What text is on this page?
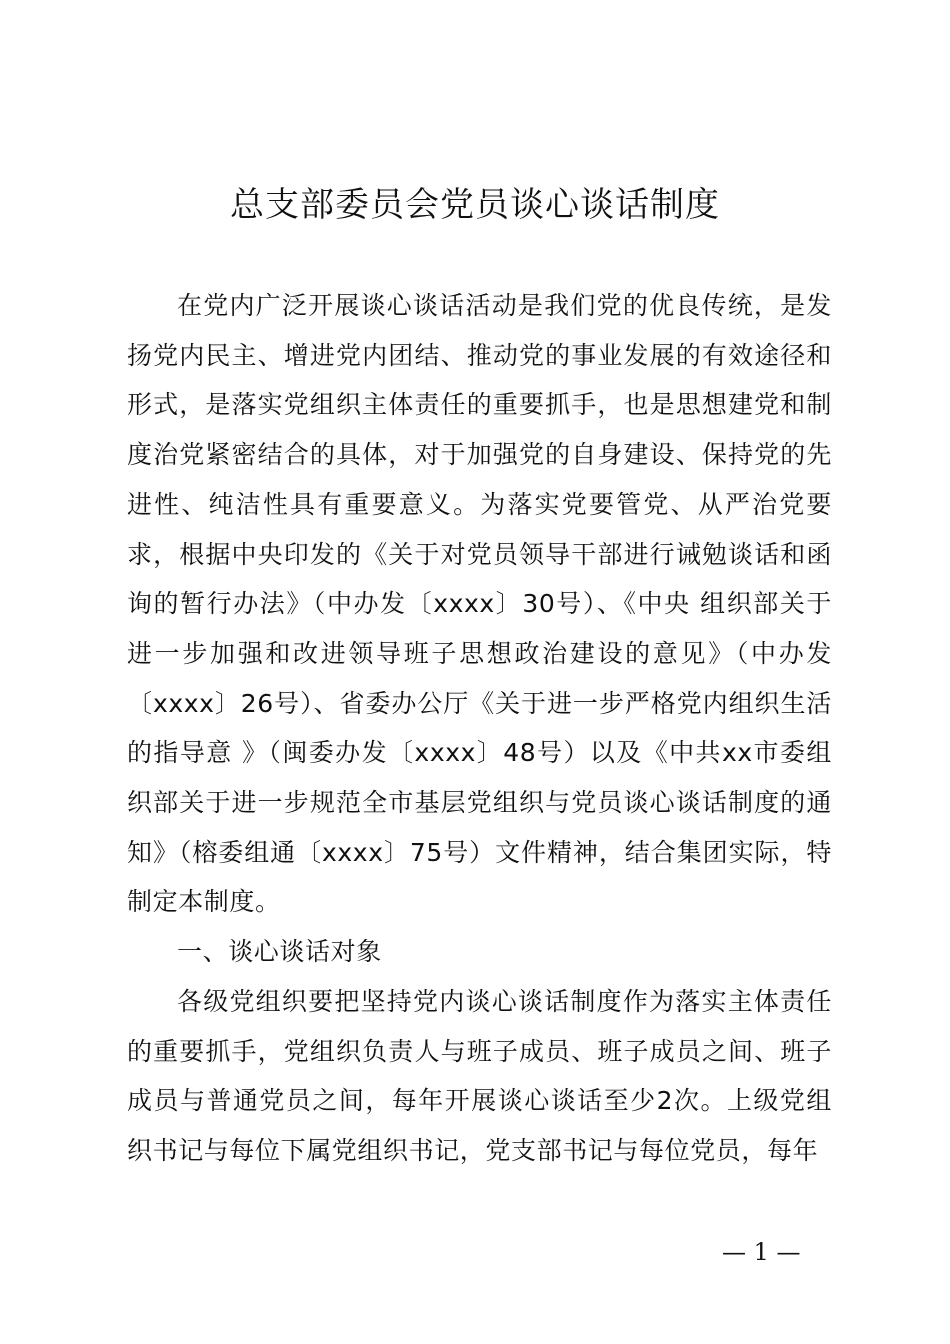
总支部委员会党员谈心谈话制度

在党内广泛开展谈心谈话活动是我们党的优良传统，是发扬党内民主、增进党内团结、推动党的事业发展的有效途径和形式，是落实党组织主体责任的重要抓手，也是思想建党和制度治党紧密结合的具体，对于加强党的自身建设、保持党的先进性、纯洁性具有重要意义。为落实党要管党、从严治党要求，根据中央印发的《关于对党员领导干部进行诫勉谈话和函询的暂行办法》（中办发〔xxxx〕30号）、《中央 组织部关于进一步加强和改进领导班子思想政治建设的意见》（中办发〔xxxx〕26号）、省委办公厅《关于进一步严格党内组织生活的指导意 》（闽委办发〔xxxx〕48号）以及《中共xx市委组织部关于进一步规范全市基层党组织与党员谈心谈话制度的通知》（榕委组通〔xxxx〕75号）文件精神，结合集团实际，特制定本制度。

一、谈心谈话对象

各级党组织要把坚持党内谈心谈话制度作为落实主体责任的重要抓手，党组织负责人与班子成员、班子成员之间、班子成员与普通党员之间，每年开展谈心谈话至少2次。上级党组织书记与每位下属党组织书记，党支部书记与每位党员，每年

— 1 —
